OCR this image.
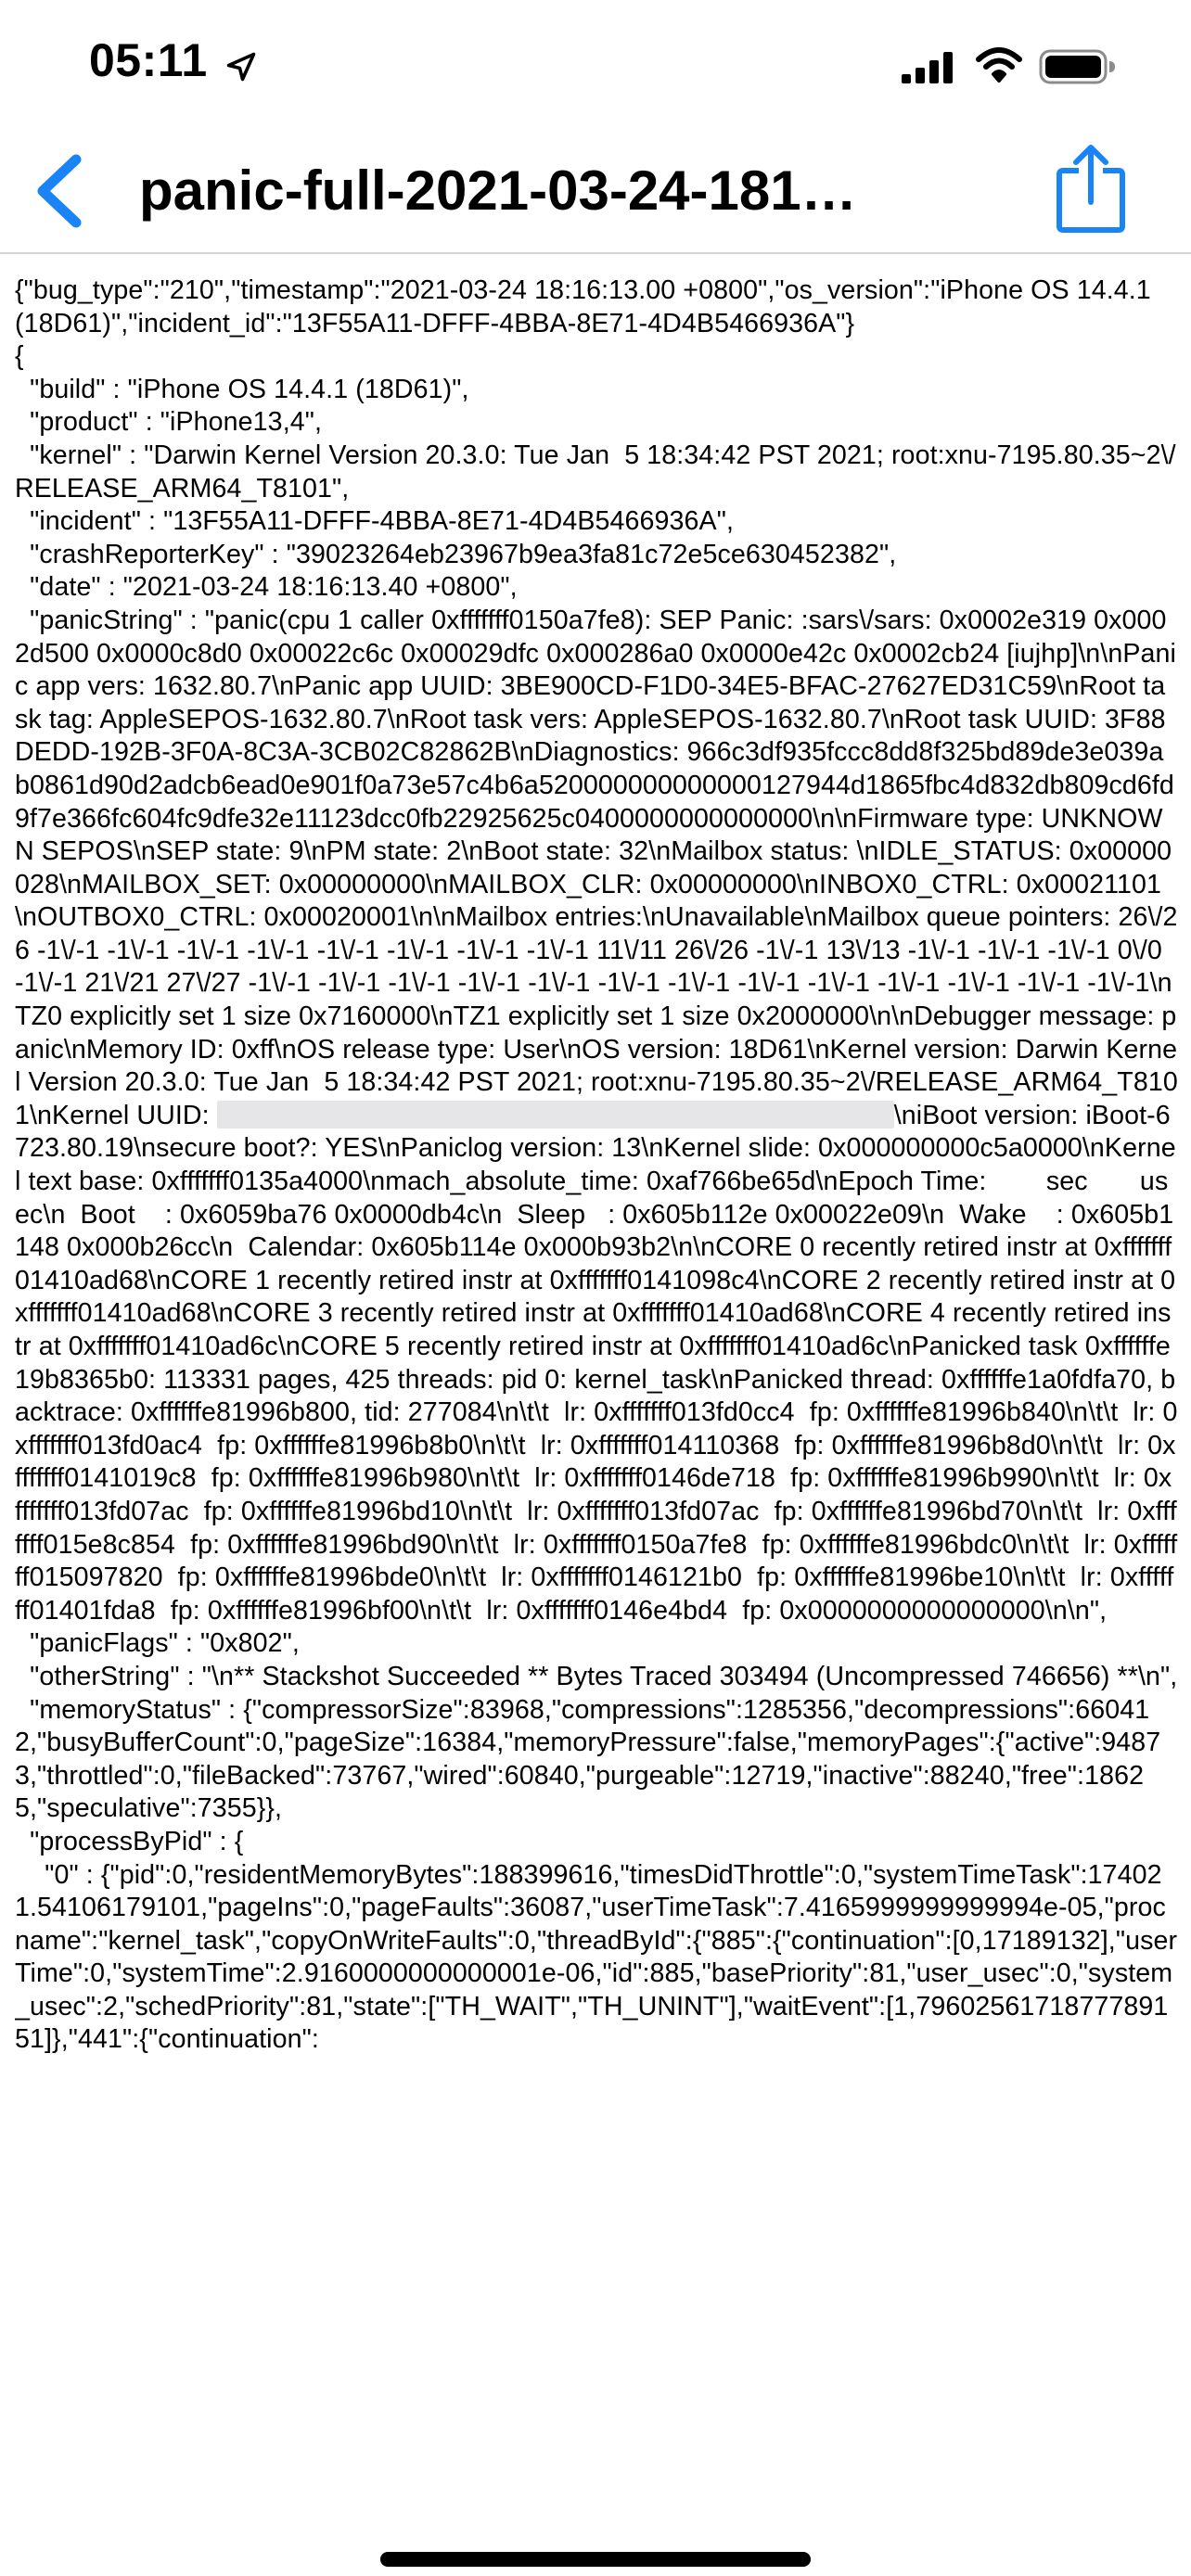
05:11
panic-full-2021-03-24-181…
{"bug_type":"210","timestamp":"2021-03-24 18:16:13.00 +0800","os_version":"iPhone OS 14.4.1 (18D61)","incident_id":"13F55A11-DFFF-4BBA-8E71-4D4B5466936A"}
{
"build" : "iPhone OS 14.4.1 (18D61)",
"product" : "iPhone13,4",
"kernel" : "Darwin Kernel Version 20.3.0: Tue Jan  5 18:34:42 PST 2021; root:xnu-7195.80.35~2\/RELEASE_ARM64_T8101",
"incident" : "13F55A11-DFFF-4BBA-8E71-4D4B5466936A",
"crashReporterKey" : "39023264eb23967b9ea3fa81c72e5ce630452382",
"date" : "2021-03-24 18:16:13.40 +0800",
"panicString" : "panic(cpu 1 caller 0xfffffff0150a7fe8): SEP Panic: :sars\/sars: 0x0002e319 0x0002d500 0x0000c8d0 0x00022c6c 0x00029dfc 0x000286a0 0x0000e42c 0x0002cb24 [iujhp]\n\nPanic app vers: 1632.80.7\nPanic app UUID: 3BE900CD-F1D0-34E5-BFAC-27627ED31C59\nRoot task tag: AppleSEPOS-1632.80.7\nRoot task vers: AppleSEPOS-1632.80.7\nRoot task UUID: 3F88DEDD-192B-3F0A-8C3A-3CB02C82862B\nDiagnostics: 966c3df935fccc8dd8f325bd89de3e039ab0861d90d2adcb6ead0e901f0a73e57c4b6a520000000000000127944d1865fbc4d832db809cd6fd9f7e366fc604fc9dfe32e11123dcc0fb22925625c0400000000000000\n\nFirmware type: UNKNOWN SEPOS\nSEP state: 9\nPM state: 2\nBoot state: 32\nMailbox status: \nIDLE_STATUS: 0x00000028\nMAILBOX_SET: 0x00000000\nMAILBOX_CLR: 0x00000000\nINBOX0_CTRL: 0x00021101\nOUTBOX0_CTRL: 0x00020001\n\nMailbox entries:\nUnavailable\nMailbox queue pointers: 26\/26 -1\/-1 -1\/-1 -1\/-1 -1\/-1 -1\/-1 -1\/-1 -1\/-1 -1\/-1 11\/11 26\/26 -1\/-1 13\/13 -1\/-1 -1\/-1 -1\/-1 0\/0 -1\/-1 21\/21 27\/27 -1\/-1 -1\/-1 -1\/-1 -1\/-1 -1\/-1 -1\/-1 -1\/-1 -1\/-1 -1\/-1 -1\/-1 -1\/-1 -1\/-1 -1\/-1\nTZ0 explicitly set 1 size 0x7160000\nTZ1 explicitly set 1 size 0x2000000\n\nDebugger message: panic\nMemory ID: 0xff\nOS release type: User\nOS version: 18D61\nKernel version: Darwin Kernel Version 20.3.0: Tue Jan  5 18:34:42 PST 2021; root:xnu-7195.80.35~2\/RELEASE_ARM64_T8101\nKernel UUID:	\niBoot version: iBoot-6723.80.19\nsecure boot?: YES\nPaniclog version: 13\nKernel slide: 0x000000000c5a0000\nKernel text base: 0xfffffff0135a4000\nmach_absolute_time: 0xaf766be65d\nEpoch Time:        sec       usec\n  Boot    : 0x6059ba76 0x0000db4c\n  Sleep   : 0x605b112e 0x00022e09\n  Wake    : 0x605b1148 0x000b26cc\n  Calendar: 0x605b114e 0x000b93b2\n\nCORE 0 recently retired instr at 0xfffffff01410ad68\nCORE 1 recently retired instr at 0xfffffff0141098c4\nCORE 2 recently retired instr at 0xfffffff01410ad68\nCORE 3 recently retired instr at 0xfffffff01410ad68\nCORE 4 recently retired instr at 0xfffffff01410ad6c\nCORE 5 recently retired instr at 0xfffffff01410ad6c\nPanicked task 0xffffffe19b8365b0: 113331 pages, 425 threads: pid 0: kernel_task\nPanicked thread: 0xffffffe1a0fdfa70, backtrace: 0xffffffe81996b800, tid: 277084\n\t\t  lr: 0xfffffff013fd0cc4  fp: 0xffffffe81996b840\n\t\t  lr: 0xfffffff013fd0ac4  fp: 0xffffffe81996b8b0\n\t\t  lr: 0xfffffff014110368  fp: 0xffffffe81996b8d0\n\t\t  lr: 0xfffffff0141019c8  fp: 0xffffffe81996b980\n\t\t  lr: 0xfffffff0146de718  fp: 0xffffffe81996b990\n\t\t  lr: 0xfffffff013fd07ac  fp: 0xffffffe81996bd10\n\t\t  lr: 0xfffffff013fd07ac  fp: 0xffffffe81996bd70\n\t\t  lr: 0xfffffff015e8c854  fp: 0xffffffe81996bd90\n\t\t  lr: 0xfffffff0150a7fe8  fp: 0xffffffe81996bdc0\n\t\t  lr: 0xfffffff015097820  fp: 0xffffffe81996bde0\n\t\t  lr: 0xfffffff0146121b0  fp: 0xffffffe81996be10\n\t\t  lr: 0xfffffff01401fda8  fp: 0xffffffe81996bf00\n\t\t  lr: 0xfffffff0146e4bd4  fp: 0x0000000000000000\n\n",
"panicFlags" : "0x802",
"otherString" : "\n** Stackshot Succeeded ** Bytes Traced 303494 (Uncompressed 746656) **\n",
"memoryStatus" : {"compressorSize":83968,"compressions":1285356,"decompressions":660412,"busyBufferCount":0,"pageSize":16384,"memoryPressure":false,"memoryPages":{"active":94873,"throttled":0,"fileBacked":73767,"wired":60840,"purgeable":12719,"inactive":88240,"free":18625,"speculative":7355}},
"processByPid" : {
"0" : {"pid":0,"residentMemoryBytes":188399616,"timesDidThrottle":0,"systemTimeTask":174021.54106179101,"pageIns":0,"pageFaults":36087,"userTimeTask":7.4165999999999994e-05,"procname":"kernel_task","copyOnWriteFaults":0,"threadById":{"885":{"continuation":[0,17189132],"userTime":0,"systemTime":2.9160000000000001e-06,"id":885,"basePriority":81,"user_usec":0,"system_usec":2,"schedPriority":81,"state":["TH_WAIT","TH_UNINT"],"waitEvent":[1,7960256171877789151]},"441":{"continuation":
